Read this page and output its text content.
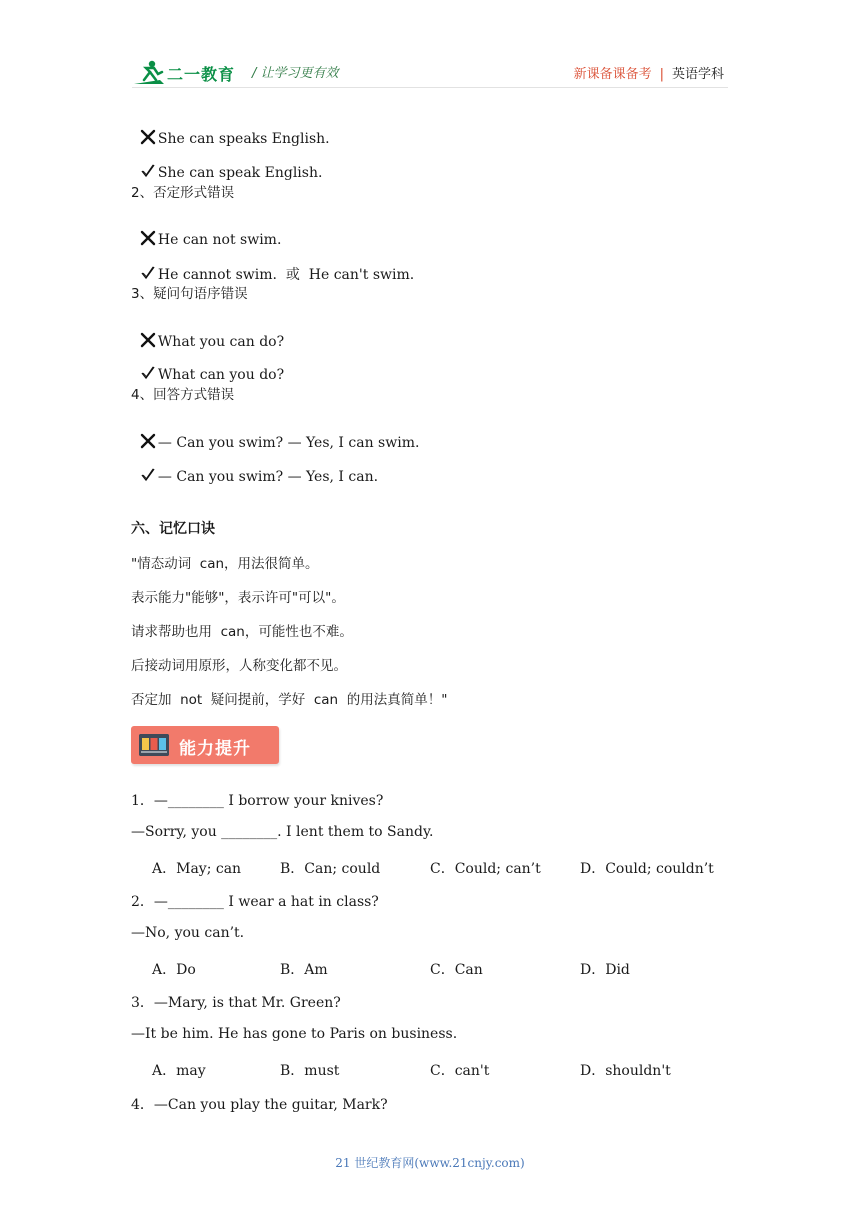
二一教育 / 让学习更有效	新课备课备考 | 英语学科

She can speaks English.

She can speak English.

2、否定形式错误

He can not swim.

He cannot swim.  或  He can't swim.

3、疑问句语序错误

What you can do?

What can you do?

4、回答方式错误

— Can you swim? — Yes, I can swim.

— Can you swim? — Yes, I can.

六、记忆口诀
"情态动词  can，用法很简单。
表示能力"能够"，表示许可"可以"。
请求帮助也用  can，可能性也不难。
后接动词用原形，人称变化都不见。
否定加  not  疑问提前，学好  can  的用法真简单！"
能力提升
1．—________ I borrow your knives?
—Sorry, you ________. I lent them to Sandy.
A．May; can	B．Can; could	C．Could; can’t	D．Could; couldn’t
2．—________ I wear a hat in class?
—No, you can’t.
A．Do	B．Am	C．Can	D．Did
3．—Mary, is that Mr. Green?
—It be him. He has gone to Paris on business.
A．may	B．must	C．can't	D．shouldn't
4．—Can you play the guitar, Mark?
21 世纪教育网(www.21cnjy.com)
